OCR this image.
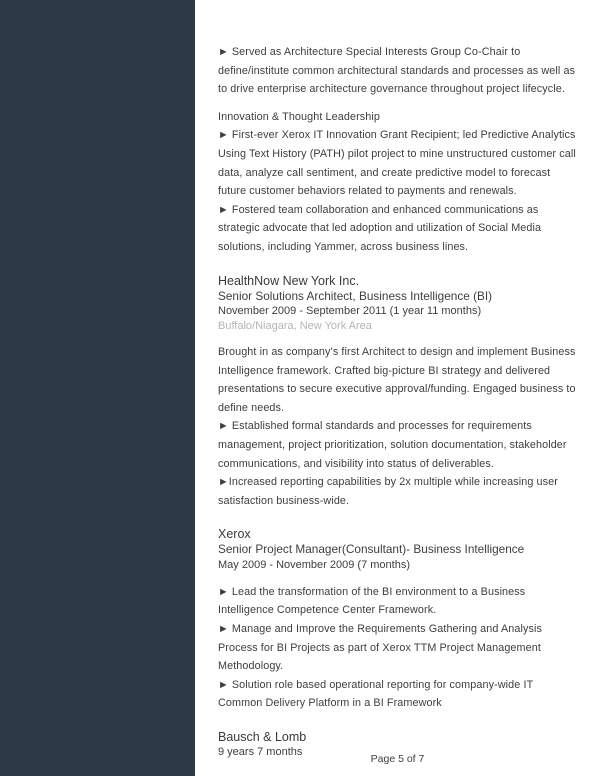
► Served as Architecture Special Interests Group Co-Chair to define/institute common architectural standards and processes as well as to drive enterprise architecture governance throughout project lifecycle.

Innovation & Thought Leadership

► First-ever Xerox IT Innovation Grant Recipient; led Predictive Analytics Using Text History (PATH) pilot project to mine unstructured customer call data, analyze call sentiment, and create predictive model to forecast future customer behaviors related to payments and renewals.

► Fostered team collaboration and enhanced communications as strategic advocate that led adoption and utilization of Social Media solutions, including Yammer, across business lines.

HealthNow New York Inc.

Senior Solutions Architect, Business Intelligence (BI)

November 2009 - September 2011 (1 year 11 months)

Buffalo/Niagara, New York Area

Brought in as company’s first Architect to design and implement Business Intelligence framework. Crafted big-picture BI strategy and delivered presentations to secure executive approval/funding. Engaged business to define needs.

► Established formal standards and processes for requirements management, project prioritization, solution documentation, stakeholder communications, and visibility into status of deliverables.

►Increased reporting capabilities by 2x multiple while increasing user satisfaction business-wide.

Xerox

Senior Project Manager(Consultant)- Business Intelligence

May 2009 - November 2009 (7 months)

► Lead the transformation of the BI environment to a Business Intelligence Competence Center Framework.

► Manage and Improve the Requirements Gathering and Analysis Process for BI Projects as part of Xerox TTM Project Management Methodology.

► Solution role based operational reporting for company-wide IT Common Delivery Platform in a BI Framework

Bausch & Lomb

9 years 7 months

Page 5 of 7
